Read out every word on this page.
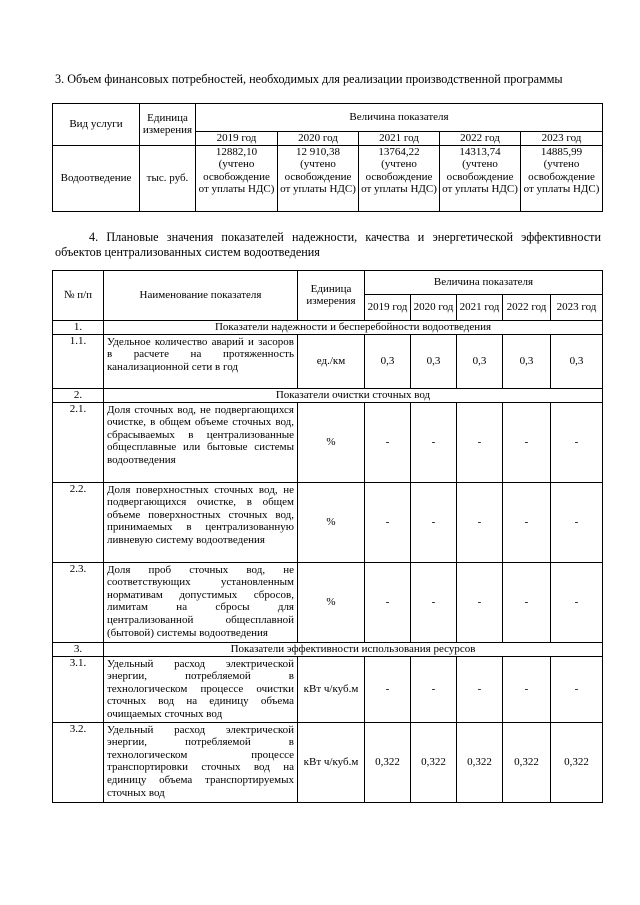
3. Объем финансовых потребностей, необходимых для реализации производственной программы

Вид услуги	Единица измерения	Величина показателя				
		2019 год	2020 год	2021 год	2022 год	2023 год
Водоотведение	тыс. руб.	12882,10 (учтено освобождение от уплаты НДС)	12 910,38 (учтено освобождение от уплаты НДС)	13764,22 (учтено освобождение от уплаты НДС)	14313,74 (учтено освобождение от уплаты НДС)	14885,99 (учтено освобождение от уплаты НДС)

4. Плановые значения показателей надежности, качества и энергетической эффективности объектов централизованных систем водоотведения

№ п/п	Наименование показателя	Единица измерения	Величина показателя				
			2019 год	2020 год	2021 год	2022 год	2023 год
1.	Показатели надежности и бесперебойности водоотведения						
1.1.	Удельное количество аварий и засоров в расчете на протяженность канализационной сети в год	ед./км	0,3	0,3	0,3	0,3	0,3
2.	Показатели очистки сточных вод						
2.1.	Доля сточных вод, не подвергающихся очистке, в общем объеме сточных вод, сбрасываемых в централизованные общесплавные или бытовые системы водоотведения	%	-	-	-	-	-
2.2.	Доля поверхностных сточных вод, не подвергающихся очистке, в общем объеме поверхностных сточных вод, принимаемых в централизованную ливневую систему водоотведения	%	-	-	-	-	-
2.3.	Доля проб сточных вод, не соответствующих установленным нормативам допустимых сбросов, лимитам на сбросы для централизованной общесплавной (бытовой) системы водоотведения	%	-	-	-	-	-
3.	Показатели эффективности использования ресурсов						
3.1.	Удельный расход электрической энергии, потребляемой в технологическом процессе очистки сточных вод на единицу объема очищаемых сточных вод	кВт ч/куб.м	-	-	-	-	-
3.2.	Удельный расход электрической энергии, потребляемой в технологическом процессе транспортировки сточных вод на единицу объема транспортируемых сточных вод	кВт ч/куб.м	0,322	0,322	0,322	0,322	0,322
